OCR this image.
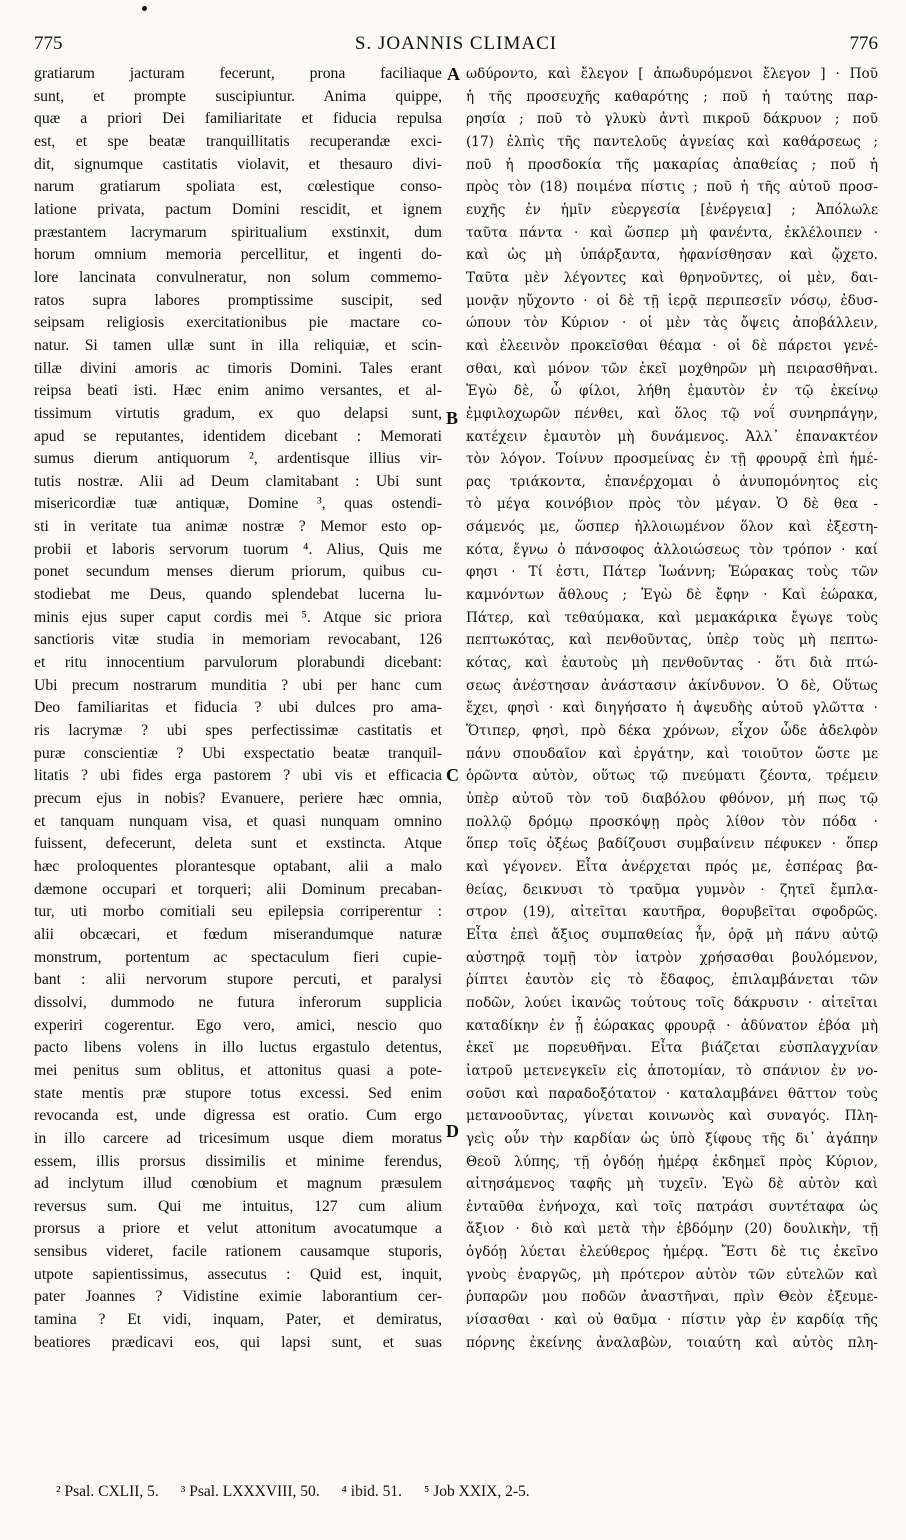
775	S. JOANNIS CLIMACI	776
gratiarum jacturam fecerunt, prona faciliaque
sunt, et prompte suscipiuntur. Anima quippe,
quæ a priori Dei familiaritate et fiducia repulsa
est, et spe beatæ tranquillitatis recuperandæ exci-
dit, signumque castitatis violavit, et thesauro divi-
narum gratiarum spoliata est, cœlestique conso-
latione privata, pactum Domini rescidit, et ignem
præstantem lacrymarum spiritualium exstinxit, dum
horum omnium memoria percellitur, et ingenti do-
lore lancinata convulneratur, non solum commemo-
ratos supra labores promptissime suscipit, sed
seipsam religiosis exercitationibus pie mactare co-
natur. Si tamen ullæ sunt in illa reliquiæ, et scin-
tillæ divini amoris ac timoris Domini. Tales erant
reipsa beati isti. Hæc enim animo versantes, et al-
tissimum virtutis gradum, ex quo delapsi sunt,
apud se reputantes, identidem dicebant : Memorati
sumus dierum antiquorum ², ardentisque illius vir-
tutis nostræ. Alii ad Deum clamitabant : Ubi sunt
misericordiæ tuæ antiquæ, Domine ³, quas ostendi-
sti in veritate tua animæ nostræ ? Memor esto op-
probii et laboris servorum tuorum ⁴. Alius, Quis me
ponet secundum menses dierum priorum, quibus cu-
stodiebat me Deus, quando splendebat lucerna lu-
minis ejus super caput cordis mei ⁵. Atque sic priora
sanctioris vitæ studia in memoriam revocabant, 126
et ritu innocentium parvulorum plorabundi dicebant:
Ubi precum nostrarum munditia ? ubi per hanc cum
Deo familiaritas et fiducia ? ubi dulces pro ama-
ris lacrymæ ? ubi spes perfectissimæ castitatis et
puræ conscientiæ ? Ubi exspectatio beatæ tranquil-
litatis ? ubi fides erga pastorem ? ubi vis et efficacia
precum ejus in nobis? Evanuere, periere hæc omnia,
et tanquam nunquam visa, et quasi nunquam omnino
fuissent, defecerunt, deleta sunt et exstincta. Atque
hæc proloquentes plorantesque optabant, alii a malo
dæmone occupari et torqueri; alii Dominum precaban-
tur, uti morbo comitiali seu epilepsia corriperentur :
alii obcæcari, et fœdum miserandumque naturæ
monstrum, portentum ac spectaculum fieri cupie-
bant : alii nervorum stupore percuti, et paralysi
dissolvi, dummodo ne futura inferorum supplicia
experiri cogerentur. Ego vero, amici, nescio quo
pacto libens volens in illo luctus ergastulo detentus,
mei penitus sum oblitus, et attonitus quasi a pote-
state mentis præ stupore totus excessi. Sed enim
revocanda est, unde digressa est oratio. Cum ergo
in illo carcere ad tricesimum usque diem moratus
essem, illis prorsus dissimilis et minime ferendus,
ad inclytum illud cœnobium et magnum præsulem
reversus sum. Qui me intuitus, 127 cum alium
prorsus a priore et velut attonitum avocatumque a
sensibus videret, facile rationem causamque stuporis,
utpote sapientissimus, assecutus : Quid est, inquit,
pater Joannes ? Vidistine eximie laborantium cer-
tamina ? Et vidi, inquam, Pater, et demiratus,
beatiores prædicavi eos, qui lapsi sunt, et suas
ωδύροντο, καὶ ἔλεγον [ ἀπωδυρόμενοι ἔλεγον ] · Ποῦ
ἡ τῆς προσευχῆς καθαρότης ; ποῦ ἡ ταύτης παρ-
ρησία ; ποῦ τὸ γλυκὺ ἀντὶ πικροῦ δάκρυον ; ποῦ
(17) ἐλπὶς τῆς παντελοῦς ἁγνείας καὶ καθάρσεως ;
ποῦ ἡ προσδοκία τῆς μακαρίας ἀπαθείας ; ποῦ ἡ
πρὸς τὸν (18) ποιμένα πίστις ; ποῦ ἡ τῆς αὐτοῦ προσ-
ευχῆς ἐν ἡμῖν εὐεργεσία [ἐνέργεια] ; Ἀπόλωλε
ταῦτα πάντα · καὶ ὥσπερ μὴ φανέντα, ἐκλέλοιπεν ·
καὶ ὡς μὴ ὑπάρξαντα, ἠφανίσθησαν καὶ ᾤχετο.
Ταῦτα μὲν λέγοντες καὶ θρηνοῦντες, οἱ μὲν, δαι-
μονᾷν ηὔχοντο · οἱ δὲ τῇ ἱερᾷ περιπεσεῖν νόσῳ, ἐδυσ-
ώπουν τὸν Κύριον · οἱ μὲν τὰς ὄψεις ἀποβάλλειν,
καὶ ἐλεεινὸν προκεῖσθαι θέαμα · οἱ δὲ πάρετοι γενέ-
σθαι, καὶ μόνον τῶν ἐκεῖ μοχθηρῶν μὴ πειρασθῆναι.
Ἐγὼ δὲ, ὦ φίλοι, λήθη ἐμαυτὸν ἐν τῷ ἐκείνῳ
ἐμφιλοχωρῶν πένθει, καὶ ὅλος τῷ νοΐ συνηρπάγην,
κατέχειν ἐμαυτὸν μὴ δυνάμενος. Ἀλλ᾽ ἐπανακτέον
τὸν λόγον. Τοίνυν προσμείνας ἐν τῇ φρουρᾷ ἐπὶ ἡμέ-
ρας τριάκοντα, ἐπανέρχομαι ὁ ἀνυπομόνητος εἰς
τὸ μέγα κοινόβιον πρὸς τὸν μέγαν. Ὁ δὲ θεα -
σάμενός με, ὥσπερ ἠλλοιωμένον ὅλον καὶ ἐξεστη-
κότα, ἔγνω ὁ πάνσοφος ἀλλοιώσεως τὸν τρόπον · καί
φησι · Τί ἐστι, Πάτερ Ἰωάννη; Ἑώρακας τοὺς τῶν
καμνόντων ἄθλους ; Ἐγὼ δὲ ἔφην · Καὶ ἑώρακα,
Πάτερ, καὶ τεθαύμακα, καὶ μεμακάρικα ἔγωγε τοὺς
πεπτωκότας, καὶ πενθοῦντας, ὑπὲρ τοὺς μὴ πεπτω-
κότας, καὶ ἑαυτοὺς μὴ πενθοῦντας · ὅτι διὰ πτώ-
σεως ἀνέστησαν ἀνάστασιν ἀκίνδυνον. Ὁ δὲ, Οὕτως
ἔχει, φησὶ · καὶ διηγήσατο ἡ ἀψευδὴς αὐτοῦ γλῶττα ·
Ὅτιπερ, φησὶ, πρὸ δέκα χρόνων, εἶχον ὧδε ἀδελφὸν
πάνυ σπουδαῖον καὶ ἐργάτην, καὶ τοιοῦτον ὥστε με
ὁρῶντα αὐτὸν, οὕτως τῷ πνεύματι ζέοντα, τρέμειν
ὑπὲρ αὐτοῦ τὸν τοῦ διαβόλου φθόνον, μή πως τῷ
πολλῷ δρόμῳ προσκόψῃ πρὸς λίθον τὸν πόδα ·
ὅπερ τοῖς ὀξέως βαδίζουσι συμβαίνειν πέφυκεν · ὅπερ
καὶ γέγονεν. Εἶτα ἀνέρχεται πρός με, ἑσπέρας βα-
θείας, δεικνυσι τὸ τραῦμα γυμνὸν · ζητεῖ ἔμπλα-
στρον (19), αἰτεῖται καυτῆρα, θορυβεῖται σφοδρῶς.
Εἶτα ἐπεὶ ἄξιος συμπαθείας ἦν, ὁρᾷ μὴ πάνυ αὐτῷ
αὐστηρᾷ τομῇ τὸν ἰατρὸν χρήσασθαι βουλόμενον,
ῥίπτει ἑαυτὸν εἰς τὸ ἔδαφος, ἐπιλαμβάνεται τῶν
ποδῶν, λούει ἱκανῶς τούτους τοῖς δάκρυσιν · αἰτεῖται
καταδίκην ἐν ᾗ ἑώρακας φρουρᾷ · ἀδύνατον ἐβόα μὴ
ἐκεῖ με πορευθῆναι. Εἶτα βιάζεται εὐσπλαγχνίαν
ἰατροῦ μετενεγκεῖν εἰς ἀποτομίαν, τὸ σπάνιον ἐν νο-
σοῦσι καὶ παραδοξότατον · καταλαμβάνει θᾶττον τοὺς
μετανοοῦντας, γίνεται κοινωνὸς καὶ συναγός. Πλη-
γεὶς οὖν τὴν καρδίαν ὡς ὑπὸ ξίφους τῆς δι᾽ ἀγάπην
Θεοῦ λύπης, τῇ ὀγδόῃ ἡμέρᾳ ἐκδημεῖ πρὸς Κύριον,
αἰτησάμενος ταφῆς μὴ τυχεῖν. Ἐγὼ δὲ αὐτὸν καὶ
ἐνταῦθα ἐνήνοχα, καὶ τοῖς πατράσι συντέταφα ὡς
ἄξιον · διὸ καὶ μετὰ τὴν ἑβδόμην (20) δουλικὴν, τῇ
ὀγδόῃ λύεται ἐλεύθερος ἡμέρᾳ. Ἔστι δὲ τις ἐκεῖνο
γνοὺς ἐναργῶς, μὴ πρότερον αὐτὸν τῶν εὐτελῶν καὶ
ῥυπαρῶν μου ποδῶν ἀναστῆναι, πρὶν Θεὸν ἐξευμε-
νίσασθαι · καὶ οὐ θαῦμα · πίστιν γὰρ ἐν καρδίᾳ τῆς
πόρνης ἐκείνης ἀναλαβὼν, τοιαύτη καὶ αὐτὸς πλη-
A
B
C
D
² Psal. CXLII, 5. ³ Psal. LXXXVIII, 50. ⁴ ibid. 51. ⁵ Job XXIX, 2-5.
